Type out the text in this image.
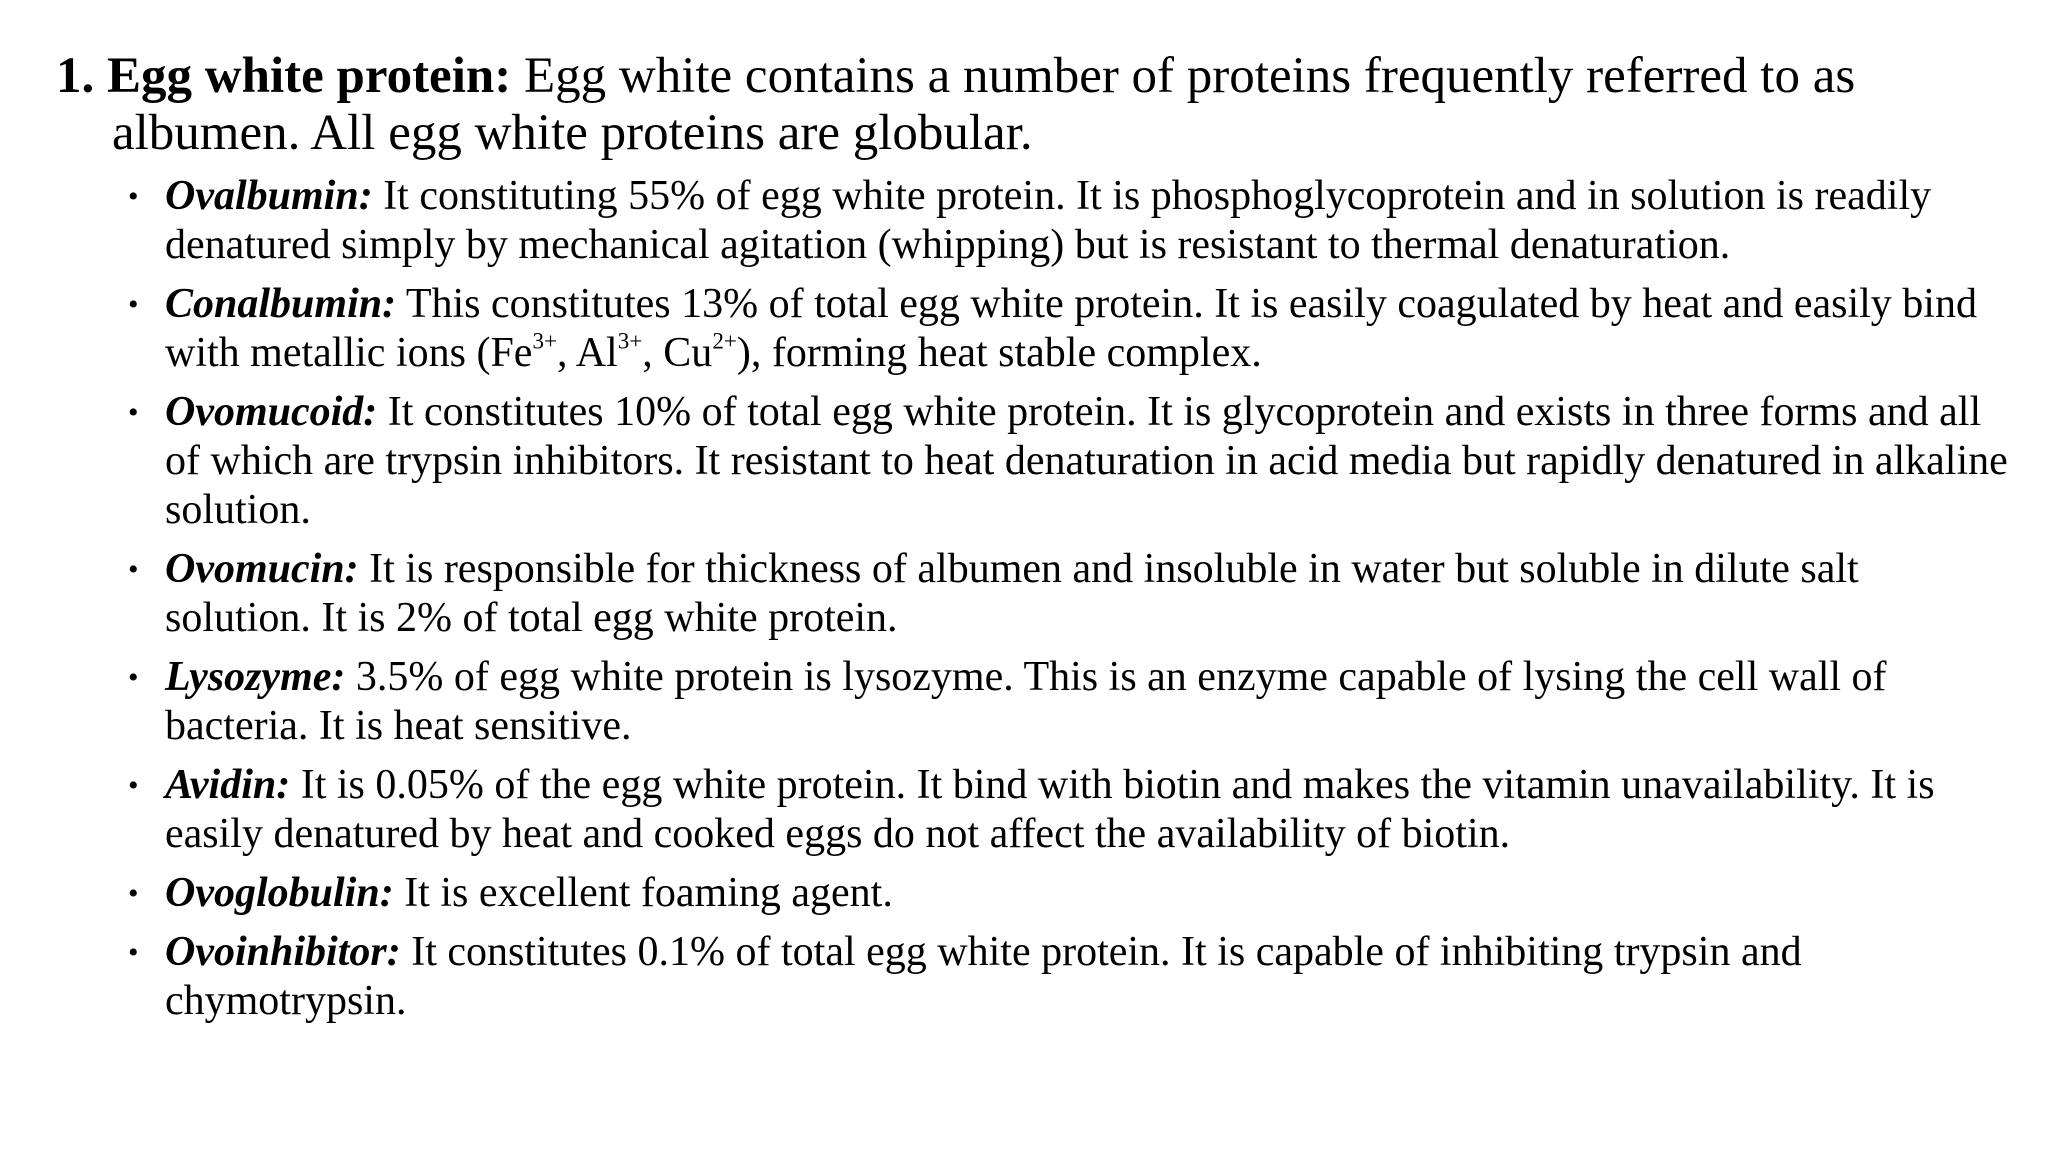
1. Egg white protein: Egg white contains a number of proteins frequently referred to as albumen. All egg white proteins are globular.
• Ovalbumin: It constituting 55% of egg white protein. It is phosphoglycoprotein and in solution is readily denatured simply by mechanical agitation (whipping) but is resistant to thermal denaturation.
• Conalbumin: This constitutes 13% of total egg white protein. It is easily coagulated by heat and easily bind with metallic ions ($Fe^{3+}$, $Al^{3+}$, $Cu^{2+}$), forming heat stable complex.
• Ovomucoid: It constitutes 10% of total egg white protein. It is glycoprotein and exists in three forms and all of which are trypsin inhibitors. It resistant to heat denaturation in acid media but rapidly denatured in alkaline solution.
• Ovomucin: It is responsible for thickness of albumen and insoluble in water but soluble in dilute salt solution. It is 2% of total egg white protein.
• Lysozyme: 3.5% of egg white protein is lysozyme. This is an enzyme capable of lysing the cell wall of bacteria. It is heat sensitive.
• Avidin: It is 0.05% of the egg white protein. It bind with biotin and makes the vitamin unavailability. It is easily denatured by heat and cooked eggs do not affect the availability of biotin.
• Ovoglobulin: It is excellent foaming agent.
• Ovoinhibitor: It constitutes 0.1% of total egg white protein. It is capable of inhibiting trypsin and chymotrypsin.
